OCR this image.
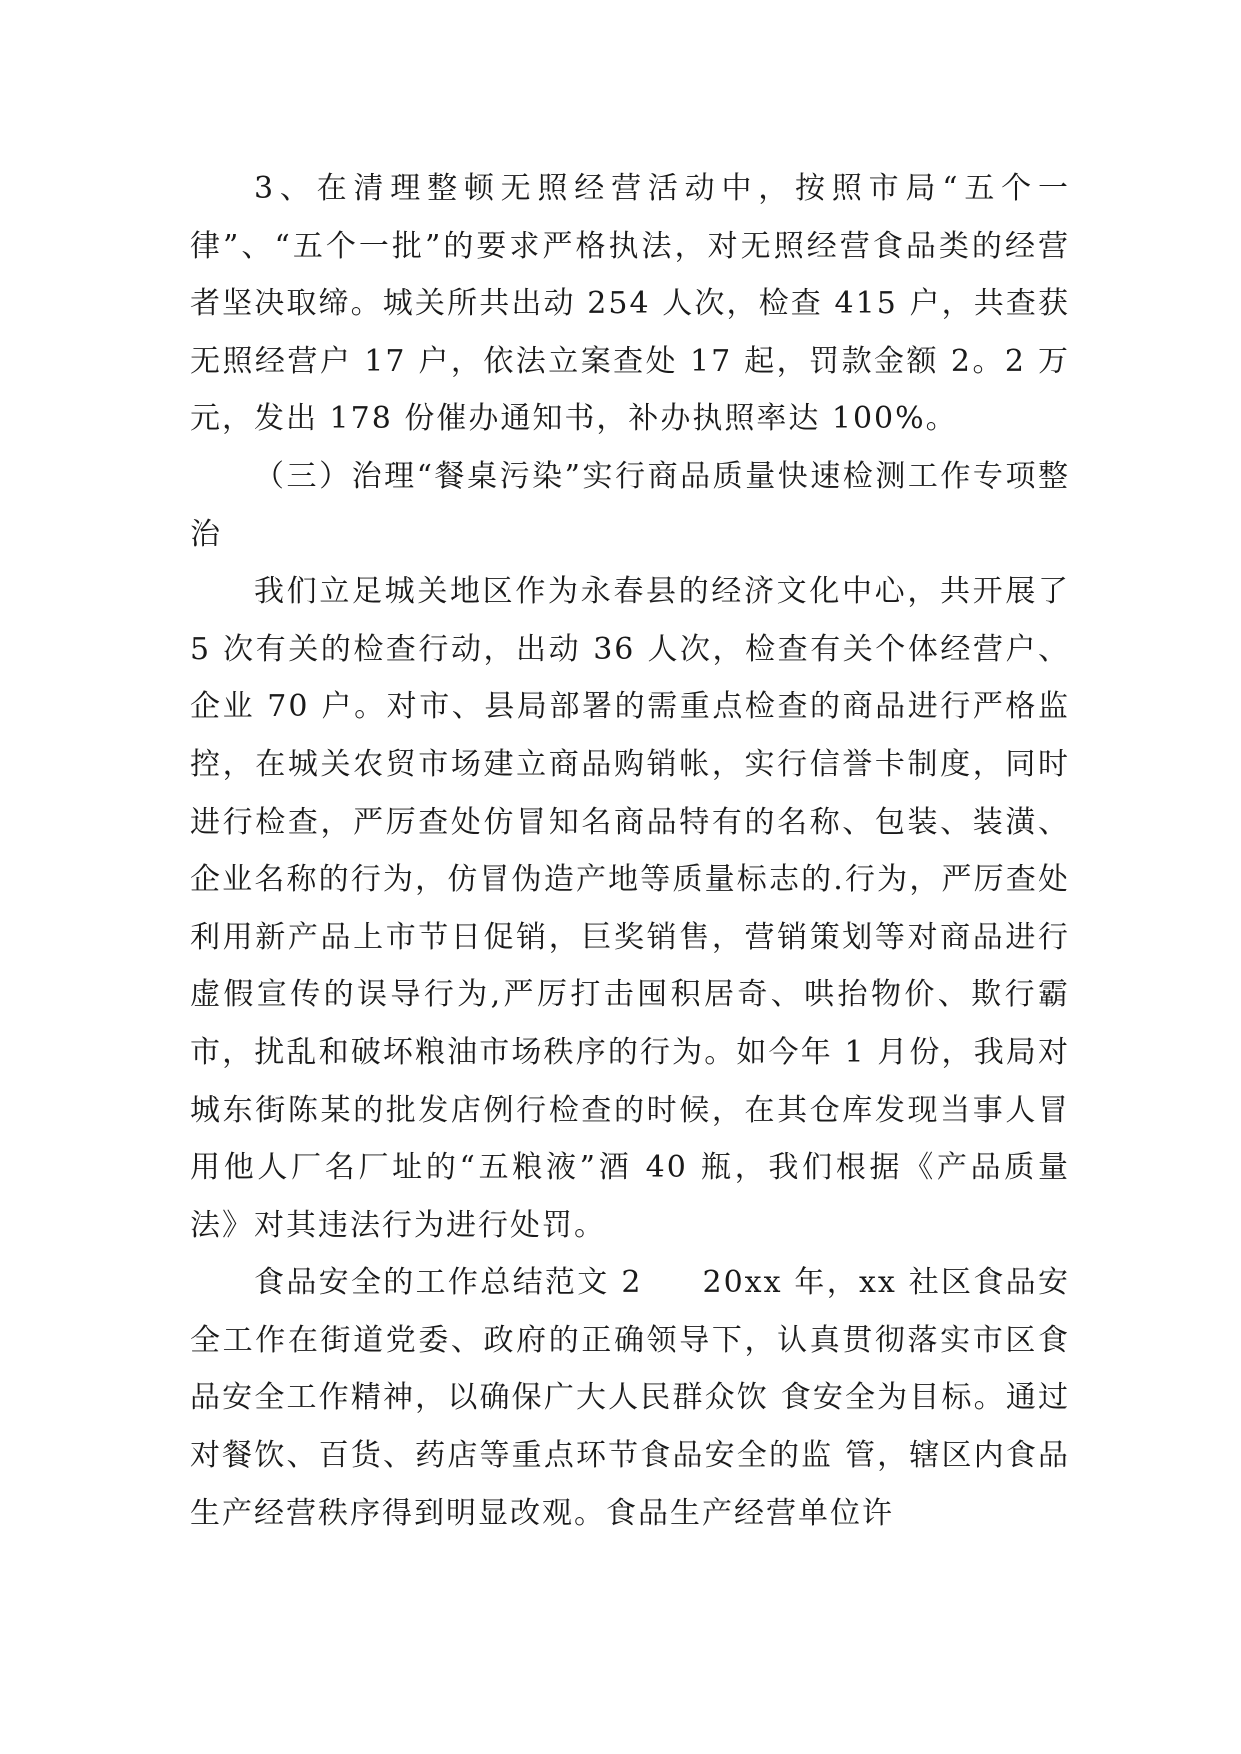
3、在清理整顿无照经营活动中，按照市局“五个一律”、“五个一批”的要求严格执法，对无照经营食品类的经营者坚决取缔。城关所共出动 254 人次，检查 415 户，共查获无照经营户 17 户，依法立案查处 17 起，罚款金额 2。2 万元，发出 178 份催办通知书，补办执照率达 100%。

（三）治理“餐桌污染”实行商品质量快速检测工作专项整治

我们立足城关地区作为永春县的经济文化中心，共开展了 5 次有关的检查行动，出动 36 人次，检查有关个体经营户、企业 70 户。对市、县局部署的需重点检查的商品进行严格监控，在城关农贸市场建立商品购销帐，实行信誉卡制度，同时进行检查，严厉查处仿冒知名商品特有的名称、包装、装潢、企业名称的行为，仿冒伪造产地等质量标志的.行为，严厉查处利用新产品上市节日促销，巨奖销售，营销策划等对商品进行虚假宣传的误导行为,严厉打击囤积居奇、哄抬物价、欺行霸市，扰乱和破坏粮油市场秩序的行为。如今年 1 月份，我局对城东街陈某的批发店例行检查的时候，在其仓库发现当事人冒用他人厂名厂址的“五粮液”酒 40 瓶，我们根据《产品质量法》对其违法行为进行处罚。

食品安全的工作总结范文 2 20xx 年，xx 社区食品安全工作在街道党委、政府的正确领导下，认真贯彻落实市区食品安全工作精神，以确保广大人民群众饮 食安全为目标。通过对餐饮、百货、药店等重点环节食品安全的监 管，辖区内食品生产经营秩序得到明显改观。食品生产经营单位许
